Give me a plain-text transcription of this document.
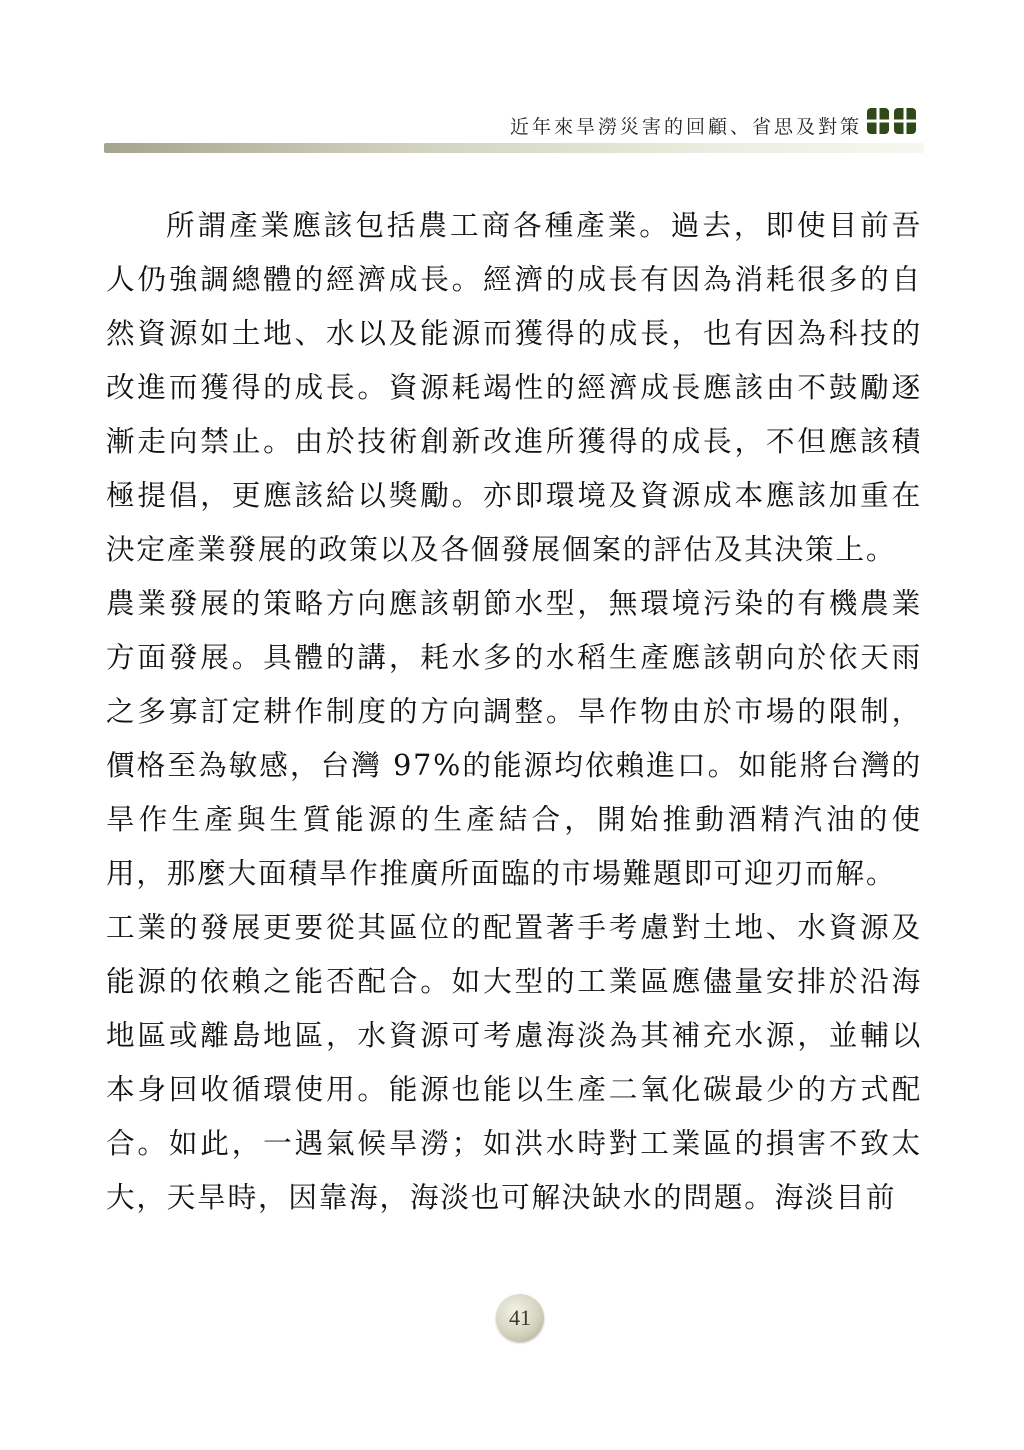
近年來旱澇災害的回顧、省思及對策

所謂產業應該包括農工商各種產業。過去，即使目前吾人仍強調總體的經濟成長。經濟的成長有因為消耗很多的自然資源如土地、水以及能源而獲得的成長，也有因為科技的改進而獲得的成長。資源耗竭性的經濟成長應該由不鼓勵逐漸走向禁止。由於技術創新改進所獲得的成長，不但應該積極提倡，更應該給以獎勵。亦即環境及資源成本應該加重在決定產業發展的政策以及各個發展個案的評估及其決策上。

農業發展的策略方向應該朝節水型，無環境污染的有機農業方面發展。具體的講，耗水多的水稻生產應該朝向於依天雨之多寡訂定耕作制度的方向調整。旱作物由於市場的限制，價格至為敏感，台灣 97%的能源均依賴進口。如能將台灣的旱作生產與生質能源的生產結合，開始推動酒精汽油的使用，那麼大面積旱作推廣所面臨的市場難題即可迎刃而解。

工業的發展更要從其區位的配置著手考慮對土地、水資源及能源的依賴之能否配合。如大型的工業區應儘量安排於沿海地區或離島地區，水資源可考慮海淡為其補充水源，並輔以本身回收循環使用。能源也能以生產二氧化碳最少的方式配合。如此，一遇氣候旱澇；如洪水時對工業區的損害不致太大，天旱時，因靠海，海淡也可解決缺水的問題。海淡目前

41
